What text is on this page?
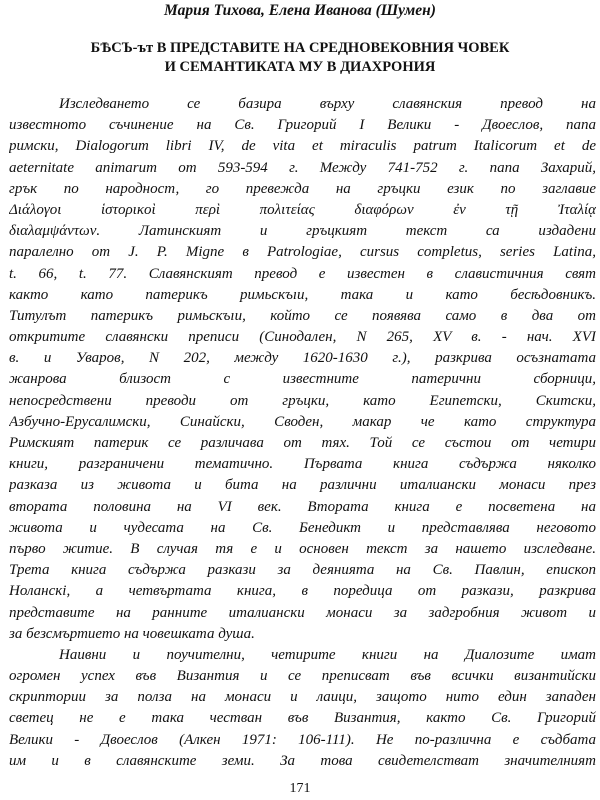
Мария Тихова, Елена Иванова (Шумен)
БѢСЪ-ът В ПРЕДСТАВИТЕ НА СРЕДНОВЕКОВНИЯ ЧОВЕК
И СЕМАНТИКАТА МУ В ДИАХРОНИЯ
Изследването се базира върху славянския превод на
известното съчинение на Св. Григорий I Велики - Двоеслов, папа
римски, Dialogorum libri IV, de vita et miraculis patrum Italicorum et de
aeternitate animarum от 593-594 г. Между 741-752 г. папа Захарий,
грък по народност, го превежда на гръцки език по заглавие
Διάλογοι ἱστορικοὶ περὶ πολιτείας διαφόρων ἐν τῇ Ἰταλίᾳ
διαλαμψάντων. Латинският и гръцкият текст са издадени
паралелно от J. P. Migne в Patrologiae, cursus completus, series Latina,
t. 66, t. 77. Славянският превод е известен в славистичния свят
както като патерикъ римьскъıи, така и като бесѣдовникъ.
Титулът патерикъ римьскъıи, който се появява само в два от
откритите славянски преписи (Синодален, N 265, XV в. - нач. XVI
в. и Уваров, N 202, между 1620-1630 г.), разкрива осъзнатата
жанрова близост с известните патерични сборници,
непосредствени преводи от гръцки, като Египетски, Скитски,
Азбучно-Ерусалимски, Синайски, Сводeн, макар че като структура
Римският патерик се различава от тях. Той се състои от четири
книги, разграничени тематично. Първата книга съдържа няколко
разказа из живота и бита на различни италиански монаси през
втората половина на VI век. Втората книга е посветена на
живота и чудесата на Св. Бенедикт и представлява неговото
първо житие. В случая тя е и основен текст за нашето изследване.
Трета книга съдържа разкази за деянията на Св. Павлин, епископ
Ноланскi, а четвъртата книга, в поредица от разкази, разкрива
представите на ранните италиански монаси за задгробния живот и
за безсмъртието на човешката душа.
Наивни и поучителни, четирите книги на Диалозите имат
огромен успех във Византия и се преписват във всички византийски
скриптории за полза на монаси и лаици, защото нито един западен
светец не е така честван във Византия, както Св. Григорий
Велики - Двоеслов (Алкен 1971: 106-111). Не по-различна е съдбата
им и в славянските земи. За това свидетелстват значителният
171
